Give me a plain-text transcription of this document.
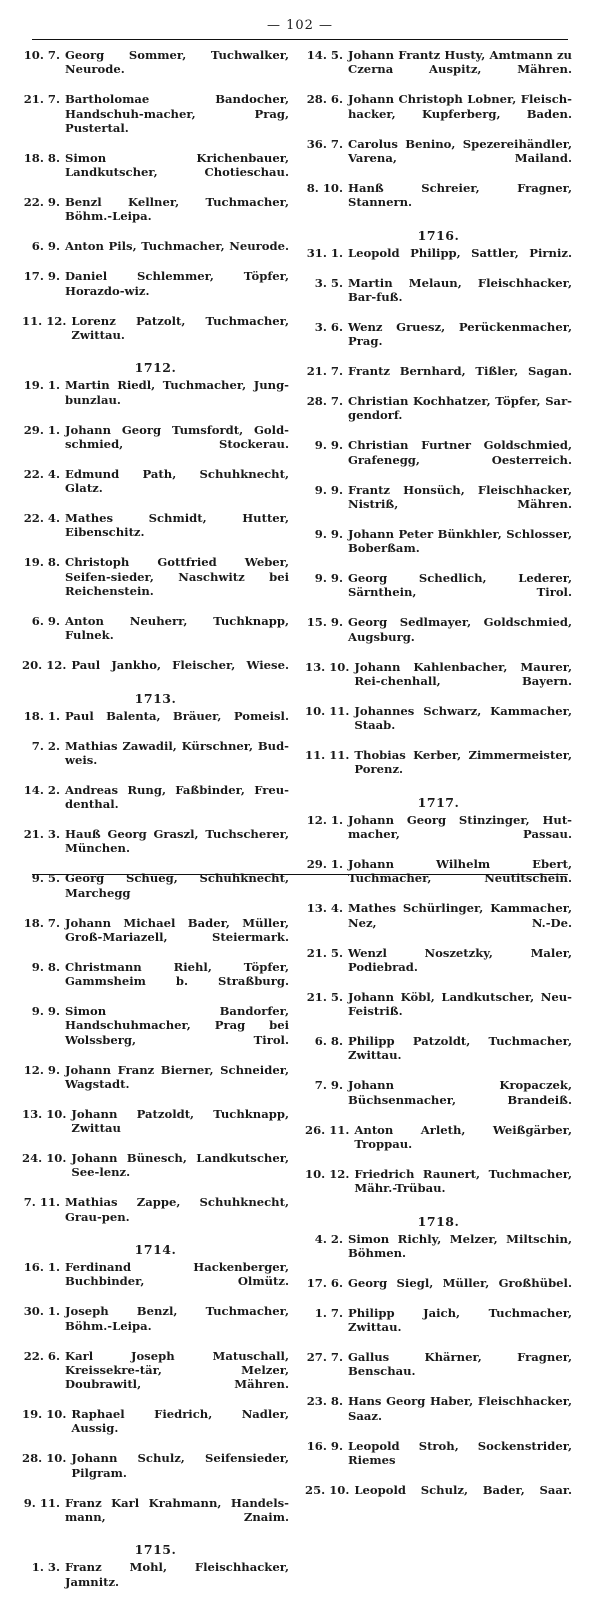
— 102 —
10. 7. Georg Sommer, Tuchwalker, Neurode.
21. 7. Bartholomae Bandocher, Handschuh-macher, Prag, Pustertal.
18. 8. Simon Krichenbauer, Landkutscher, Chotieschau.
22. 9. Benzl Kellner, Tuchmacher, Böhm.-Leipa.
6. 9. Anton Pils, Tuchmacher, Neurode.
17. 9. Daniel Schlemmer, Töpfer, Horazdo-wiz.
11. 12. Lorenz Patzolt, Tuchmacher, Zwittau.
1712.
19. 1. Martin Riedl, Tuchmacher, Jung-bunzlau.
29. 1. Johann Georg Tumsfordt, Gold-schmied, Stockerau.
22. 4. Edmund Path, Schuhknecht, Glatz.
22. 4. Mathes Schmidt, Hutter, Eibenschitz.
19. 8. Christoph Gottfried Weber, Seifen-sieder, Naschwitz bei Reichenstein.
6. 9. Anton Neuherr, Tuchknapp, Fulnek.
20. 12. Paul Jankho, Fleischer, Wiese.
1713.
18. 1. Paul Balenta, Bräuer, Pomeisl.
7. 2. Mathias Zawadil, Kürschner, Bud-weis.
14. 2. Andreas Rung, Faßbinder, Freu-denthal.
21. 3. Hauß Georg Graszl, Tuchscherer, München.
9. 5. Georg Schueg, Schuhknecht, Marchegg
18. 7. Johann Michael Bader, Müller, Groß-Mariazell, Steiermark.
9. 8. Christmann Riehl, Töpfer, Gammsheim b. Straßburg.
9. 9. Simon Bandorfer, Handschuhmacher, Prag bei Wolssberg, Tirol.
12. 9. Johann Franz Bierner, Schneider, Wagstadt.
13. 10. Johann Patzoldt, Tuchknapp, Zwittau
24. 10. Johann Bünesch, Landkutscher, See-lenz.
7. 11. Mathias Zappe, Schuhknecht, Grau-pen.
1714.
16. 1. Ferdinand Hackenberger, Buchbinder, Olmütz.
30. 1. Joseph Benzl, Tuchmacher, Böhm.-Leipa.
22. 6. Karl Joseph Matuschall, Kreissekre-tär, Melzer, Doubrawitl, Mähren.
19. 10. Raphael Fiedrich, Nadler, Aussig.
28. 10. Johann Schulz, Seifensieder, Pilgram.
9. 11. Franz Karl Krahmann, Handels-mann, Znaim.
1715.
1. 3. Franz Mohl, Fleischhacker, Jamnitz.
14. 5. Johann Frantz Husty, Amtmann zu Czerna Auspitz, Mähren.
28. 6. Johann Christoph Lobner, Fleisch-hacker, Kupferberg, Baden.
36. 7. Carolus Benino, Spezereihändler, Varena, Mailand.
8. 10. Hanß Schreier, Fragner, Stannern.
1716.
31. 1. Leopold Philipp, Sattler, Pirniz.
3. 5. Martin Melaun, Fleischhacker, Bar-fuß.
3. 6. Wenz Gruesz, Perückenmacher, Prag.
21. 7. Frantz Bernhard, Tißler, Sagan.
28. 7. Christian Kochhatzer, Töpfer, Sar-gendorf.
9. 9. Christian Furtner Goldschmied, Grafenegg, Oesterreich.
9. 9. Frantz Honsüch, Fleischhacker, Nistriß, Mähren.
9. 9. Johann Peter Bünkhler, Schlosser, Boberßam.
9. 9. Georg Schedlich, Lederer, Särnthein, Tirol.
15. 9. Georg Sedlmayer, Goldschmied, Augsburg.
13. 10. Johann Kahlenbacher, Maurer, Rei-chenhall, Bayern.
10. 11. Johannes Schwarz, Kammacher, Staab.
11. 11. Thobias Kerber, Zimmermeister, Porenz.
1717.
12. 1. Johann Georg Stinzinger, Hut-macher, Passau.
29. 1. Johann Wilhelm Ebert, Tuchmacher, Neutitschein.
13. 4. Mathes Schürlinger, Kammacher, Nez, N.-De.
21. 5. Wenzl Noszetzky, Maler, Podiebrad.
21. 5. Johann Köbl, Landkutscher, Neu-Feistriß.
6. 8. Philipp Patzoldt, Tuchmacher, Zwittau.
7. 9. Johann Kropaczek, Büchsenmacher, Brandeiß.
26. 11. Anton Arleth, Weißgärber, Troppau.
10. 12. Friedrich Raunert, Tuchmacher, Mähr.-Trübau.
1718.
4. 2. Simon Richly, Melzer, Miltschin, Böhmen.
17. 6. Georg Siegl, Müller, Großhübel.
1. 7. Philipp Jaich, Tuchmacher, Zwittau.
27. 7. Gallus Khärner, Fragner, Benschau.
23. 8. Hans Georg Haber, Fleischhacker, Saaz.
16. 9. Leopold Stroh, Sockenstrider, Riemes
25. 10. Leopold Schulz, Bader, Saar.
